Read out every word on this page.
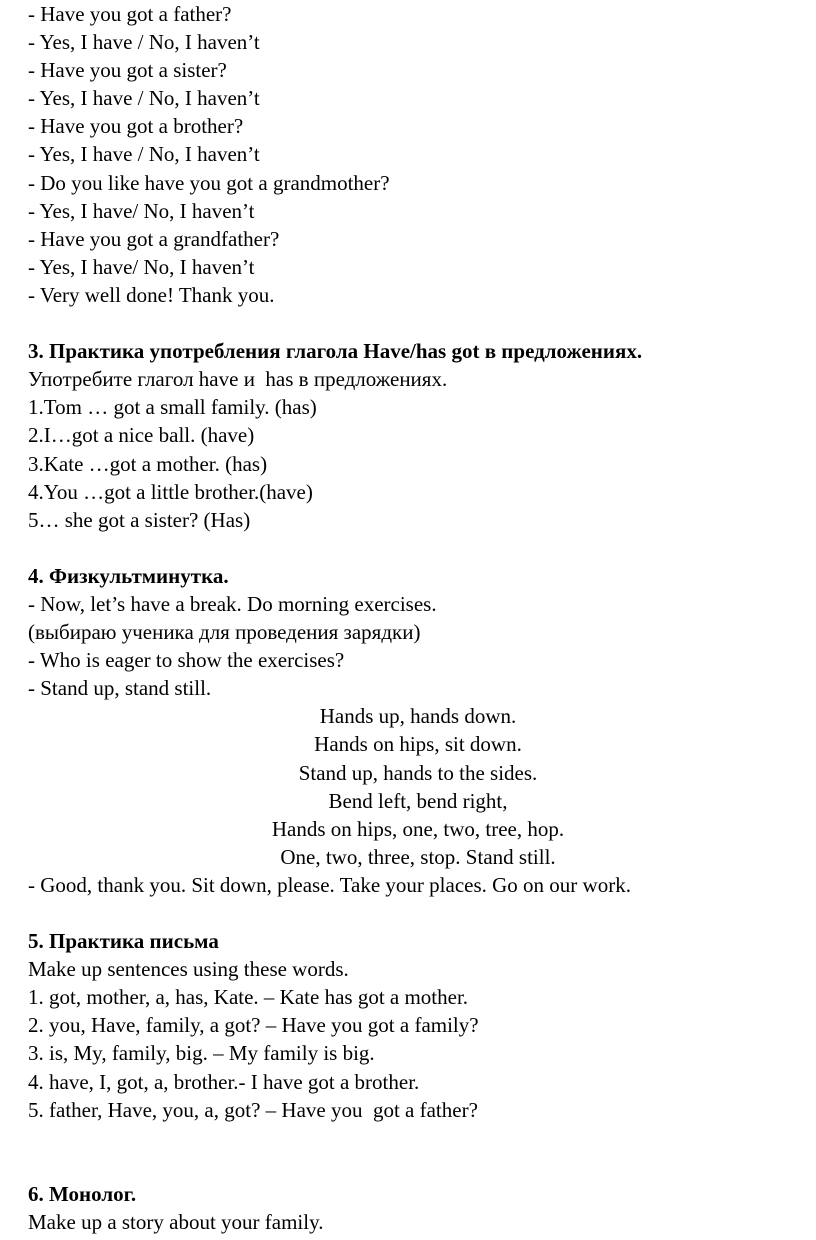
- Have you got a father?
- Yes, I have / No, I haven’t
- Have you got a sister?
- Yes, I have / No, I haven’t
- Have you got a brother?
- Yes, I have / No, I haven’t
- Do you like have you got a grandmother?
- Yes, I have/ No, I haven’t
- Have you got a grandfather?
- Yes, I have/ No, I haven’t
- Very well done! Thank you.
3. Практика употребления глагола Have/has got в предложениях.
Употребите глагол have и  has в предложениях.
1.Tom … got a small family. (has)
2.I…got a nice ball. (have)
3.Kate …got a mother. (has)
4.You …got a little brother.(have)
5… she got a sister? (Has)
4. Физкультминутка.
- Now, let’s have a break. Do morning exercises.
(выбираю ученика для проведения зарядки)
- Who is eager to show the exercises?
- Stand up, stand still.
Hands up, hands down.
Hands on hips, sit down.
Stand up, hands to the sides.
Bend left, bend right,
Hands on hips, one, two, tree, hop.
One, two, three, stop. Stand still.
- Good, thank you. Sit down, please. Take your places. Go on our work.
5. Практика письма
Make up sentences using these words.
1. got, mother, a, has, Kate. – Kate has got a mother.
2. you, Have, family, a got? – Have you got a family?
3. is, My, family, big. – My family is big.
4. have, I, got, a, brother.- I have got a brother.
5. father, Have, you, a, got? – Have you  got a father?
6. Монолог.
Make up a story about your family.
